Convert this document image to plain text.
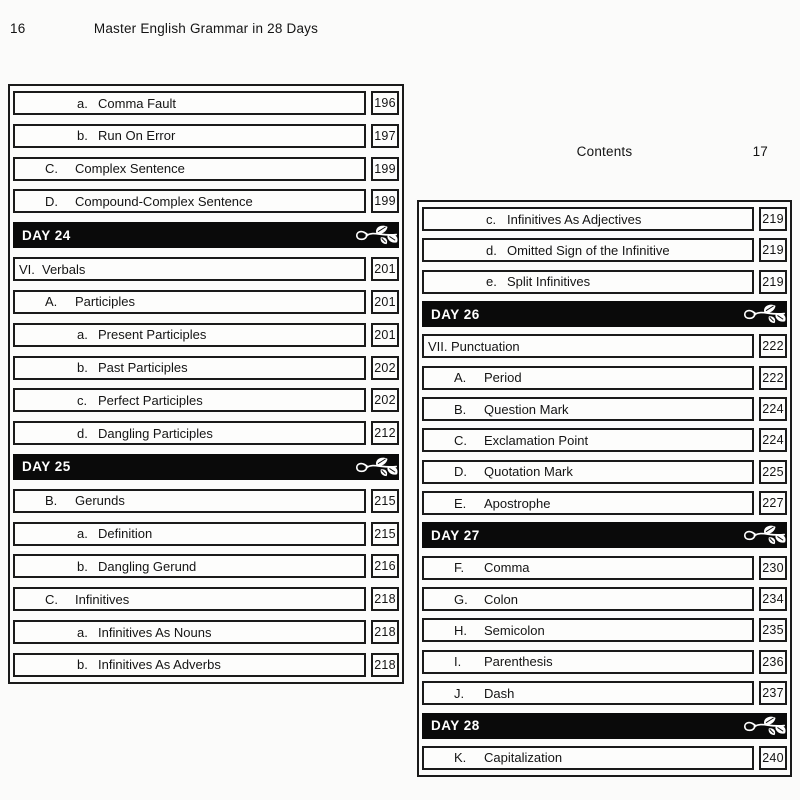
16	Master English Grammar in 28 Days
Contents	17
a. Comma Fault	196
b. Run On Error	197
C.	Complex Sentence	199
D.	Compound-Complex Sentence	199
DAY 24
VI. Verbals	201
A.	Participles	201
a. Present Participles	201
b. Past Participles	202
c. Perfect Participles	202
d. Dangling Participles	212
DAY 25
B.	Gerunds	215
a. Definition	215
b. Dangling Gerund	216
C.	Infinitives	218
a. Infinitives As Nouns	218
b. Infinitives As Adverbs	218
c. Infinitives As Adjectives	219
d. Omitted Sign of the Infinitive	219
e. Split Infinitives	219
DAY 26
VII. Punctuation	222
A.	Period	222
B.	Question Mark	224
C.	Exclamation Point	224
D.	Quotation Mark	225
E.	Apostrophe	227
DAY 27
F.	Comma	230
G.	Colon	234
H.	Semicolon	235
I.	Parenthesis	236
J.	Dash	237
DAY 28
K.	Capitalization	240
